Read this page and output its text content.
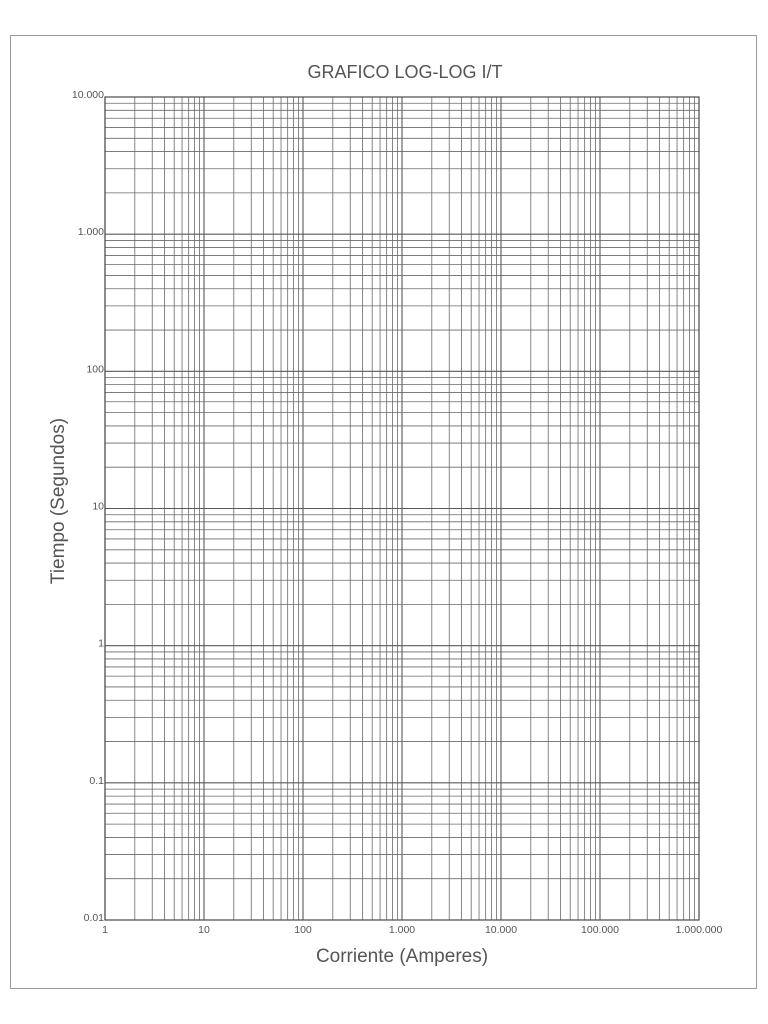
GRAFICO LOG-LOG I/T
1	10	100	1.000	10.000	100.000	1.000.000
0.01
0.1
1
10
100
1.000
10.000
Corriente (Amperes)
Tiempo (Segundos)
